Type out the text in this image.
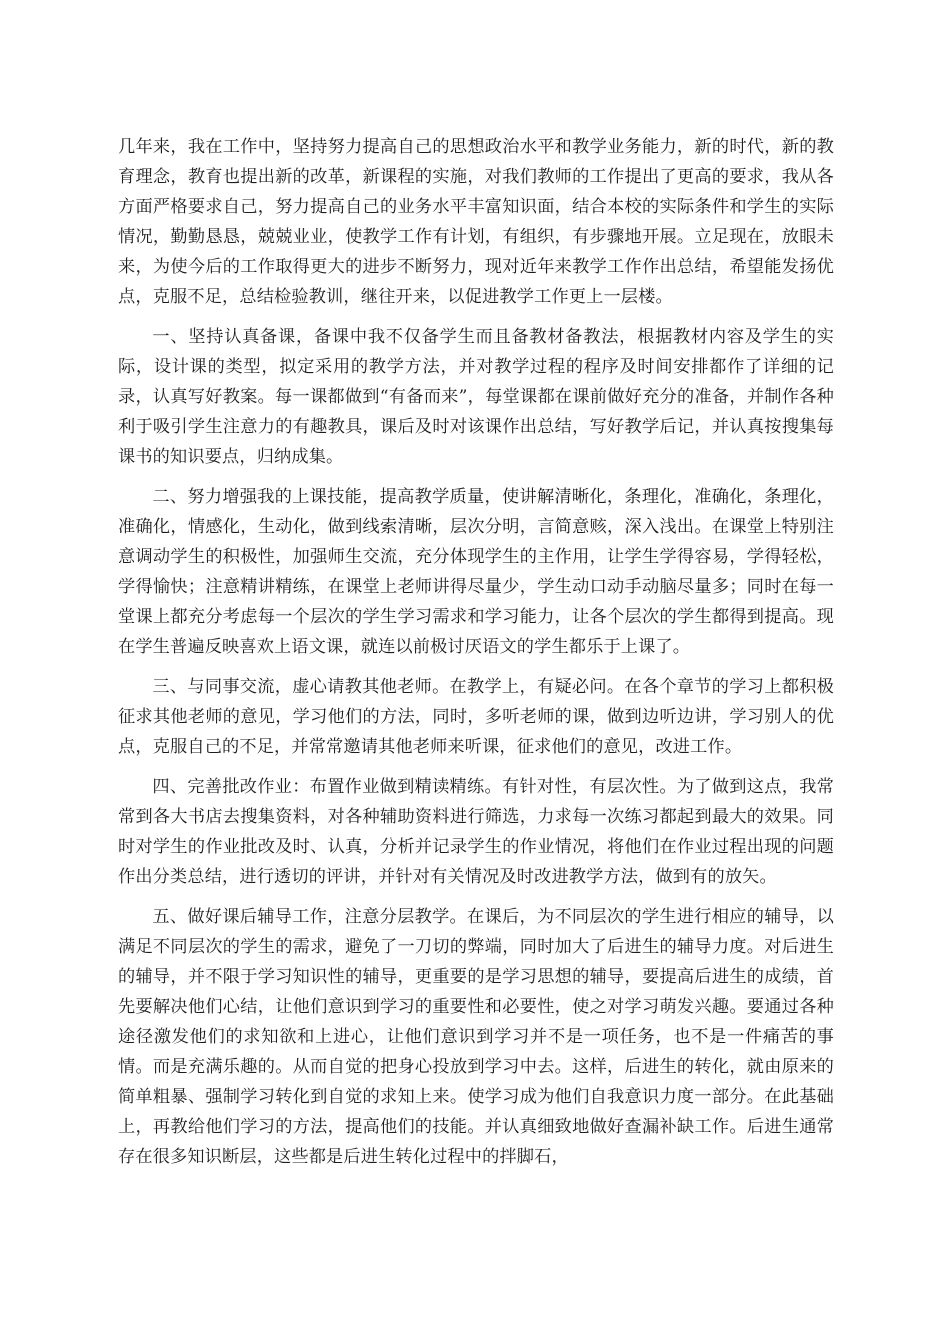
几年来，我在工作中，坚持努力提高自己的思想政治水平和教学业务能力，新的时代，新的教育理念，教育也提出新的改革，新课程的实施，对我们教师的工作提出了更高的要求，我从各方面严格要求自己，努力提高自己的业务水平丰富知识面，结合本校的实际条件和学生的实际情况，勤勤恳恳，兢兢业业，使教学工作有计划，有组织，有步骤地开展。立足现在，放眼未来，为使今后的工作取得更大的进步不断努力，现对近年来教学工作作出总结，希望能发扬优点，克服不足，总结检验教训，继往开来，以促进教学工作更上一层楼。

一、坚持认真备课，备课中我不仅备学生而且备教材备教法，根据教材内容及学生的实际，设计课的类型，拟定采用的教学方法，并对教学过程的程序及时间安排都作了详细的记录，认真写好教案。每一课都做到“有备而来”，每堂课都在课前做好充分的准备，并制作各种利于吸引学生注意力的有趣教具，课后及时对该课作出总结，写好教学后记，并认真按搜集每课书的知识要点，归纳成集。

二、努力增强我的上课技能，提高教学质量，使讲解清晰化，条理化，准确化，条理化，准确化，情感化，生动化，做到线索清晰，层次分明，言简意赅，深入浅出。在课堂上特别注意调动学生的积极性，加强师生交流，充分体现学生的主作用，让学生学得容易，学得轻松，学得愉快；注意精讲精练，在课堂上老师讲得尽量少，学生动口动手动脑尽量多；同时在每一堂课上都充分考虑每一个层次的学生学习需求和学习能力，让各个层次的学生都得到提高。现在学生普遍反映喜欢上语文课，就连以前极讨厌语文的学生都乐于上课了。

三、与同事交流，虚心请教其他老师。在教学上，有疑必问。在各个章节的学习上都积极征求其他老师的意见，学习他们的方法，同时，多听老师的课，做到边听边讲，学习别人的优点，克服自己的不足，并常常邀请其他老师来听课，征求他们的意见，改进工作。

四、完善批改作业：布置作业做到精读精练。有针对性，有层次性。为了做到这点，我常常到各大书店去搜集资料，对各种辅助资料进行筛选，力求每一次练习都起到最大的效果。同时对学生的作业批改及时、认真，分析并记录学生的作业情况，将他们在作业过程出现的问题作出分类总结，进行透切的评讲，并针对有关情况及时改进教学方法，做到有的放矢。

五、做好课后辅导工作，注意分层教学。在课后，为不同层次的学生进行相应的辅导，以满足不同层次的学生的需求，避免了一刀切的弊端，同时加大了后进生的辅导力度。对后进生的辅导，并不限于学习知识性的辅导，更重要的是学习思想的辅导，要提高后进生的成绩，首先要解决他们心结，让他们意识到学习的重要性和必要性，使之对学习萌发兴趣。要通过各种途径激发他们的求知欲和上进心，让他们意识到学习并不是一项任务，也不是一件痛苦的事情。而是充满乐趣的。从而自觉的把身心投放到学习中去。这样，后进生的转化，就由原来的简单粗暴、强制学习转化到自觉的求知上来。使学习成为他们自我意识力度一部分。在此基础上，再教给他们学习的方法，提高他们的技能。并认真细致地做好查漏补缺工作。后进生通常存在很多知识断层，这些都是后进生转化过程中的拌脚石，
